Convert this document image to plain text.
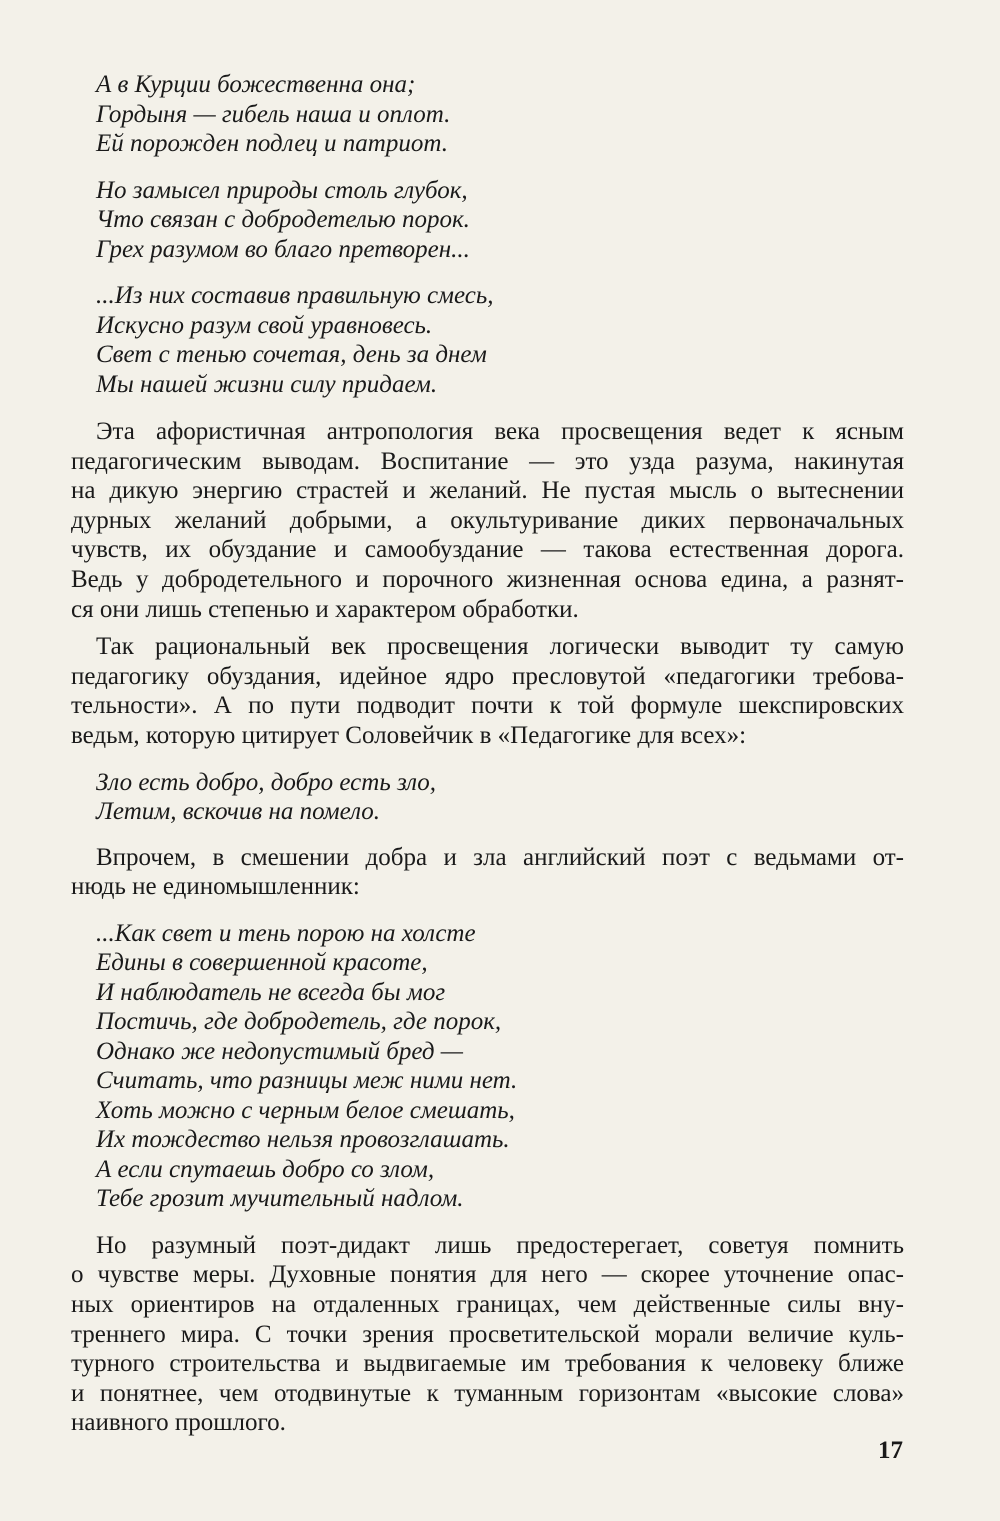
А в Курции божественна она;
Гордыня — гибель наша и оплот.
Ей порожден подлец и патриот.
Но замысел природы столь глубок,
Что связан с добродетелью порок.
Грех разумом во благо претворен...
...Из них составив правильную смесь,
Искусно разум свой уравновесь.
Свет с тенью сочетая, день за днем
Мы нашей жизни силу придаем.
Эта афористичная антропология века просвещения ведет к ясным
педагогическим выводам. Воспитание — это узда разума, накинутая
на дикую энергию страстей и желаний. Не пустая мысль о вытеснении
дурных желаний добрыми, а окультуривание диких первоначальных
чувств, их обуздание и самообуздание — такова естественная дорога.
Ведь у добродетельного и порочного жизненная основа едина, а разнят-
ся они лишь степенью и характером обработки.
Так рациональный век просвещения логически выводит ту самую
педагогику обуздания, идейное ядро пресловутой «педагогики требова-
тельности». А по пути подводит почти к той формуле шекспировских
ведьм, которую цитирует Соловейчик в «Педагогике для всех»:
Зло есть добро, добро есть зло,
Летим, вскочив на помело.
Впрочем, в смешении добра и зла английский поэт с ведьмами от-
нюдь не единомышленник:
...Как свет и тень порою на холсте
Едины в совершенной красоте,
И наблюдатель не всегда бы мог
Постичь, где добродетель, где порок,
Однако же недопустимый бред —
Считать, что разницы меж ними нет.
Хоть можно с черным белое смешать,
Их тождество нельзя провозглашать.
А если спутаешь добро со злом,
Тебе грозит мучительный надлом.
Но разумный поэт-дидакт лишь предостерегает, советуя помнить
о чувстве меры. Духовные понятия для него — скорее уточнение опас-
ных ориентиров на отдаленных границах, чем действенные силы вну-
треннего мира. С точки зрения просветительской морали величие куль-
турного строительства и выдвигаемые им требования к человеку ближе
и понятнее, чем отодвинутые к туманным горизонтам «высокие слова»
наивного прошлого.
17
